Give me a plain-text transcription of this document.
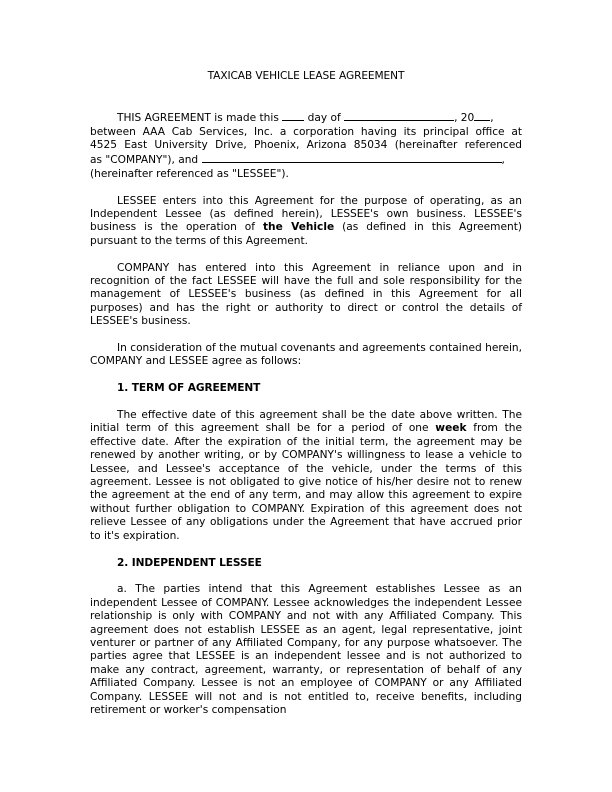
TAXICAB VEHICLE LEASE AGREEMENT
THIS AGREEMENT is made this	day of	, 20 ,
between AAA Cab Services, Inc. a corporation having its principal office at
4525 East University Drive, Phoenix, Arizona 85034 (hereinafter referenced
as "COMPANY"), and	,
(hereinafter referenced as "LESSEE").

LESSEE enters into this Agreement for the purpose of operating, as an Independent Lessee (as defined herein), LESSEE's own business. LESSEE's business is the operation of the Vehicle (as defined in this Agreement) pursuant to the terms of this Agreement.

COMPANY has entered into this Agreement in reliance upon and in recognition of the fact LESSEE will have the full and sole responsibility for the management of LESSEE's business (as defined in this Agreement for all purposes) and has the right or authority to direct or control the details of LESSEE's business.

In consideration of the mutual covenants and agreements contained herein, COMPANY and LESSEE agree as follows:

1. TERM OF AGREEMENT

The effective date of this agreement shall be the date above written. The initial term of this agreement shall be for a period of one week from the effective date. After the expiration of the initial term, the agreement may be renewed by another writing, or by COMPANY's willingness to lease a vehicle to Lessee, and Lessee's acceptance of the vehicle, under the terms of this agreement. Lessee is not obligated to give notice of his/her desire not to renew the agreement at the end of any term, and may allow this agreement to expire without further obligation to COMPANY. Expiration of this agreement does not relieve Lessee of any obligations under the Agreement that have accrued prior to it's expiration.

2. INDEPENDENT LESSEE

a. The parties intend that this Agreement establishes Lessee as an independent Lessee of COMPANY. Lessee acknowledges the independent Lessee relationship is only with COMPANY and not with any Affiliated Company. This agreement does not establish LESSEE as an agent, legal representative, joint venturer or partner of any Affiliated Company, for any purpose whatsoever. The parties agree that LESSEE is an independent lessee and is not authorized to make any contract, agreement, warranty, or representation of behalf of any Affiliated Company. Lessee is not an employee of COMPANY or any Affiliated Company. LESSEE will not and is not entitled to, receive benefits, including retirement or worker's compensation
